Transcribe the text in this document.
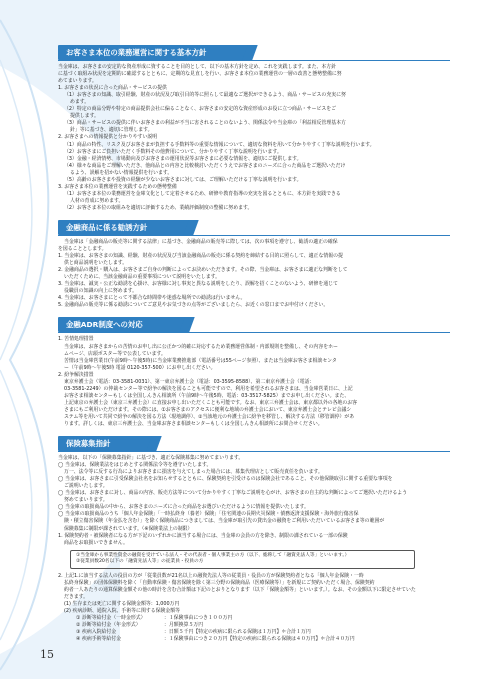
お客さま本位の業務運営に関する基本方針

当金庫は、お客さまの安定的な資産形成に資することを目的として、以下の基本方針を定め、これを実践します。また、本方針

に基づく取組み状況を定期的に確認するとともに、定期的な見直しを行い、お客さま本位の業務運営の一層の改善と態勢整備に努

めてまいります。

1. お客さまの状況に合った商品・サービスの提供

（1）お客さまの知識、取引経験、財産の状況及び取引目的等に照らして最適なご選択ができるよう、商品・サービスの充実に努

めます。

（2）特定の商品分野や特定の商品提供会社に偏ることなく、お客さまの安定的な資産形成のお役に立つ商品・サービスをご

提供します。

（3）商品・サービスの提供に伴いお客さまの利益が不当に害されることのないよう、関係法令や当金庫の「利益相反管理基本方

針」等に基づき、適切に管理します。

2. お客さまへの情報提供と分かりやすい説明

（1）商品の特性、リスク及びお客さまが負担する手数料等の重要な情報について、適切な資料を用いて分かりやすく丁寧な説明を行います。

（2）お客さまにご負担いただく手数料その他費用について、分かりやすく丁寧な説明を行います。

（3）金融・経済情勢、市場動向及びお客さまの運用状況等お客さまに必要な情報を、適切にご提供します。

（4）様々な商品をご理解いただき、他商品との内容と比較検討いただくうえでお客さまのニーズに合った商品をご選択いただけ

るよう、誤解を招かない情報提供を行います。

（5）高齢のお客さまや投資の経験が少ないお客さまに対しては、ご理解いただける丁寧な説明を行います。

3. お客さま本位の業務運営を実践するための態勢整備

（1）お客さま本位の業務運営を金庫文化として定着させるため、研修や教育指導の充実を図るとともに、本方針を実践できる

人材の育成に努めます。

（2）お客さま本位の取組みを適切に評価するため、業績評価制度の整備に努めます。

金融商品に係る勧誘方針

当金庫は「金融商品の販売等に関する法律」に基づき、金融商品の販売等に際しては、次の事項を遵守し、勧誘の適正の確保

を図ることとします。

1. 当金庫は、お客さまの知識、経験、財産の状況及び当該金融商品の販売に係る契約を締結する目的に照らして、適正な情報の提

供と商品説明をいたします。

2. 金融商品の選択・購入は、お客さまご自身の判断によってお決めいただきます。その際、当金庫は、お客さまに適正な判断をして

いただくために、当該金融商品の重要事項について説明をいたします。

3. 当金庫は、誠実・公正な勧誘を心掛け、お客様に対し事実と異なる説明をしたり、誤解を招くことのないよう、研修を通じて

役職員の知識の向上に努めます。

4. 当金庫は、お客さまにとって不都合な時間帯や迷惑な場所での勧誘は行いません。

5. 金融商品の販売等に係る勧誘についてご意見やお気づきの点等がございましたら、お近くの窓口までお申付けください。

金融ADR制度への対応

1. 苦情処理措置

当金庫は、お客さまからの苦情のお申し出に公正かつ的確に対応するため業務運営体制・内部規則を整備し、その内容をホー

ムページ、店頭ポスター等で公表しています。

苦情は当金庫営業日(午前9時～午後5時)に当金庫業務推進部（電話番号は55ページ参照）、または当金庫お客さま相談センタ

ー（午前9時～午後5時 電話 0120-357-500）にお申し出ください。

2. 紛争解決措置

東京弁護士会（電話：03-3581-0031）、第一東京弁護士会（電話：03-3595-8588）、第二東京弁護士会（電話：

03-3581-2249）の仲裁センター等で紛争の解決を図ることも可能ですので、利用を希望されるお客さまは、当金庫営業日に、上記

お客さま相談センターもしくは全国しんきん相談所（午前9時～午後5時、電話：03-3517-5825）までお申し出ください。また、

上記東京の弁護士会（東京三弁護士会）に直接お申し出いただくことも可能です。なお、東京三弁護士会は、東京都以外の各地のお客

さまにもご利用いただけます。その際には、①お客さまのアクセスに便利な地域の弁護士会において、東京弁護士会とテレビ会議シ

ステム等を用いて共同で紛争の解決を図る方法（現地調停）、②当該地元の弁護士会に紛争を移管し、解決する方法（移管調停）があ

ります。詳しくは、東京三弁護士会、当金庫お客さま相談センターもしくは全国しんきん相談所にお問合せください。

保険募集指針

当金庫は、以下の「保険募集指針」に基づき、適正な保険募集に努めてまいります。

◯ 当金庫は、保険業法をはじめとする関係法令等を遵守いたします。

万一、法令等に反する行為によりお客さまに損害を与えてしまった場合には、募集代理店として販売責任を負います。

◯ 当金庫は、お客さまに引受保険会社名をお知らせするとともに、保険契約を引受けるのは保険会社であること、その他保険取引に関する重要な事項を

ご説明いたします。

◯ 当金庫は、お客さまに対し、商品の内容、販売方法等について分かりやすく丁寧なご説明を心がけ、お客さまの自主的な判断によってご選択いただけるよう

努めてまいります。

◯ 当金庫の取扱商品の中から、お客さまのニーズに合った商品をお選びいただけるように情報を提供いたします。

◯ 当金庫の取扱商品のうち「個人年金保険」「一時払終身（養老）保険」「住宅関連の長期火災保険・債務返済支援保険・海外旅行傷害保

険・積立傷害保険（年金払を含む）」を除く保険商品につきましては、当金庫が取引先の貸出金の融資をご利用いただいているお客さま等の範囲が

保険募集に制限が課されています。（※保険業法上の制限）

1. 保険契約者・被保険者になる方が下記のいずれかに該当する場合には、当金庫の会員の方を除き、制限の課されている一部の保険

商品をお取扱いできません。

①当金庫から事業性資金の融資を受けている法人・その代表者・個人事業主の方（以下、総称して「融資先法人等」といいます。）

②従業員数20名以下の「融資先法人等」の従業員・役員の方

2. 上記1.に該当する法人の役員の方が「従業員数が21名以上の融資先法人等の従業員・役員の方が保険契約者となる「個人年金保険・一時

払終身保険」の団体保険料を除く「自動車保険・傷害保険を除く第三分野の保険商品（医療保険等）」を新規にご契約いただく場合、保険契約

約者一人あたりの通算保険金額その他の時計を含む合計額は下記のとおりとなります（以下「保険金額等」といいます。）。なお、その金額以下に限定させていた

だきます。

(1) 生存または死亡に関する保険金額等：1,000万円

(2) 疾病診断、通院入院、手術等に関する保険金額等

① 診断等給付金（一時金形式）	：１保険事由につき１００万円

② 診断等給付金（年金形式）	：月額換算５万円

③ 疾病入院給付金	：日額５千円【特定の疾病に限られる保険は１万円】＊合計１万円

④ 疾病手術等給付金	：１保険事由につき２０万円【特定の疾病に限られる保険は４０万円】＊合計４０万円

15
